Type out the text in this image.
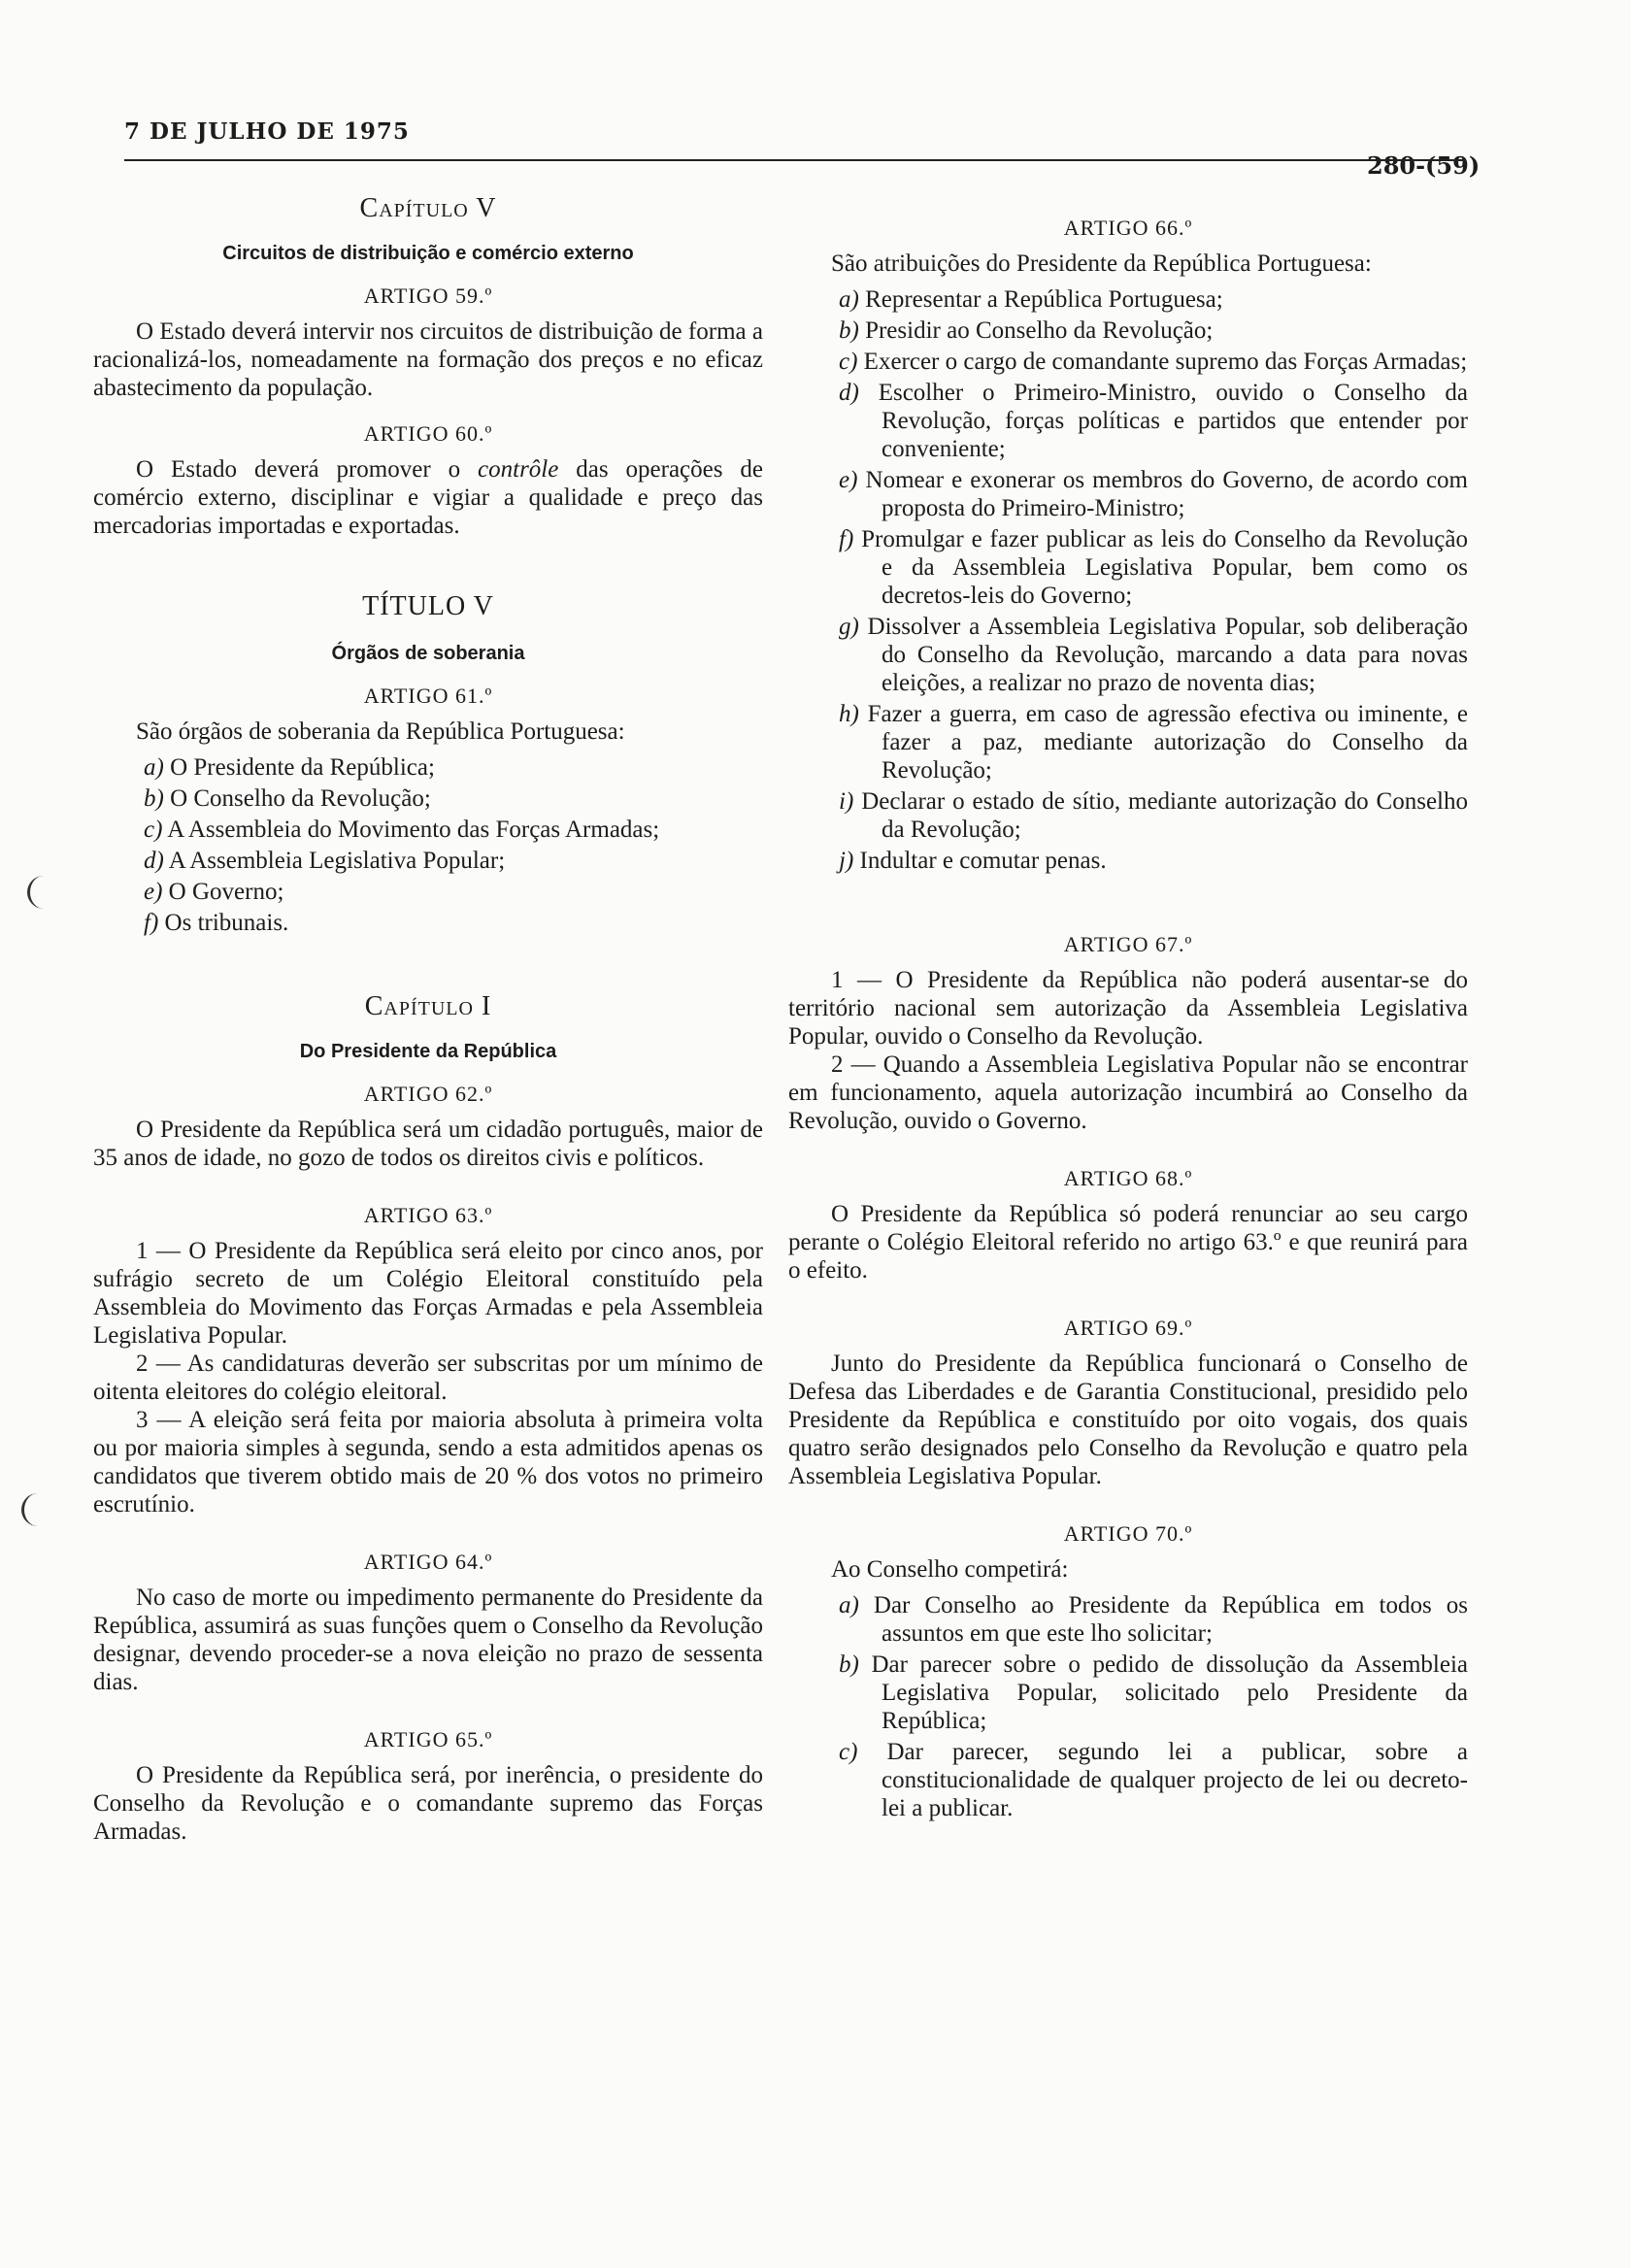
7 DE JULHO DE 1975
280-(59)
Capítulo V
Circuitos de distribuição e comércio externo
ARTIGO 59.º

O Estado deverá intervir nos circuitos de distribuição de forma a racionalizá-los, nomeadamente na formação dos preços e no eficaz abastecimento da população.

ARTIGO 60.º

O Estado deverá promover o contrôle das operações de comércio externo, disciplinar e vigiar a qualidade e preço das mercadorias importadas e exportadas.

TÍTULO V
Órgãos de soberania
ARTIGO 61.º

São órgãos de soberania da República Portuguesa:

a) O Presidente da República;
b) O Conselho da Revolução;
c) A Assembleia do Movimento das Forças Armadas;
d) A Assembleia Legislativa Popular;
e) O Governo;
f) Os tribunais.
Capítulo I
Do Presidente da República
ARTIGO 62.º

O Presidente da República será um cidadão português, maior de 35 anos de idade, no gozo de todos os direitos civis e políticos.

ARTIGO 63.º

1 — O Presidente da República será eleito por cinco anos, por sufrágio secreto de um Colégio Eleitoral constituído pela Assembleia do Movimento das Forças Armadas e pela Assembleia Legislativa Popular.

2 — As candidaturas deverão ser subscritas por um mínimo de oitenta eleitores do colégio eleitoral.

3 — A eleição será feita por maioria absoluta à primeira volta ou por maioria simples à segunda, sendo a esta admitidos apenas os candidatos que tiverem obtido mais de 20 % dos votos no primeiro escrutínio.

ARTIGO 64.º

No caso de morte ou impedimento permanente do Presidente da República, assumirá as suas funções quem o Conselho da Revolução designar, devendo proceder-se a nova eleição no prazo de sessenta dias.

ARTIGO 65.º

O Presidente da República será, por inerência, o presidente do Conselho da Revolução e o comandante supremo das Forças Armadas.

ARTIGO 66.º

São atribuições do Presidente da República Portuguesa:

a) Representar a República Portuguesa;
b) Presidir ao Conselho da Revolução;
c) Exercer o cargo de comandante supremo das Forças Armadas;
d) Escolher o Primeiro-Ministro, ouvido o Conselho da Revolução, forças políticas e partidos que entender por conveniente;
e) Nomear e exonerar os membros do Governo, de acordo com proposta do Primeiro-Ministro;
f) Promulgar e fazer publicar as leis do Conselho da Revolução e da Assembleia Legislativa Popular, bem como os decretos-leis do Governo;
g) Dissolver a Assembleia Legislativa Popular, sob deliberação do Conselho da Revolução, marcando a data para novas eleições, a realizar no prazo de noventa dias;
h) Fazer a guerra, em caso de agressão efectiva ou iminente, e fazer a paz, mediante autorização do Conselho da Revolução;
i) Declarar o estado de sítio, mediante autorização do Conselho da Revolução;
j) Indultar e comutar penas.
ARTIGO 67.º

1 — O Presidente da República não poderá ausentar-se do território nacional sem autorização da Assembleia Legislativa Popular, ouvido o Conselho da Revolução.

2 — Quando a Assembleia Legislativa Popular não se encontrar em funcionamento, aquela autorização incumbirá ao Conselho da Revolução, ouvido o Governo.

ARTIGO 68.º

O Presidente da República só poderá renunciar ao seu cargo perante o Colégio Eleitoral referido no artigo 63.º e que reunirá para o efeito.

ARTIGO 69.º

Junto do Presidente da República funcionará o Conselho de Defesa das Liberdades e de Garantia Constitucional, presidido pelo Presidente da República e constituído por oito vogais, dos quais quatro serão designados pelo Conselho da Revolução e quatro pela Assembleia Legislativa Popular.

ARTIGO 70.º

Ao Conselho competirá:

a) Dar Conselho ao Presidente da República em todos os assuntos em que este lho solicitar;
b) Dar parecer sobre o pedido de dissolução da Assembleia Legislativa Popular, solicitado pelo Presidente da República;
c) Dar parecer, segundo lei a publicar, sobre a constitucionalidade de qualquer projecto de lei ou decreto-lei a publicar.
